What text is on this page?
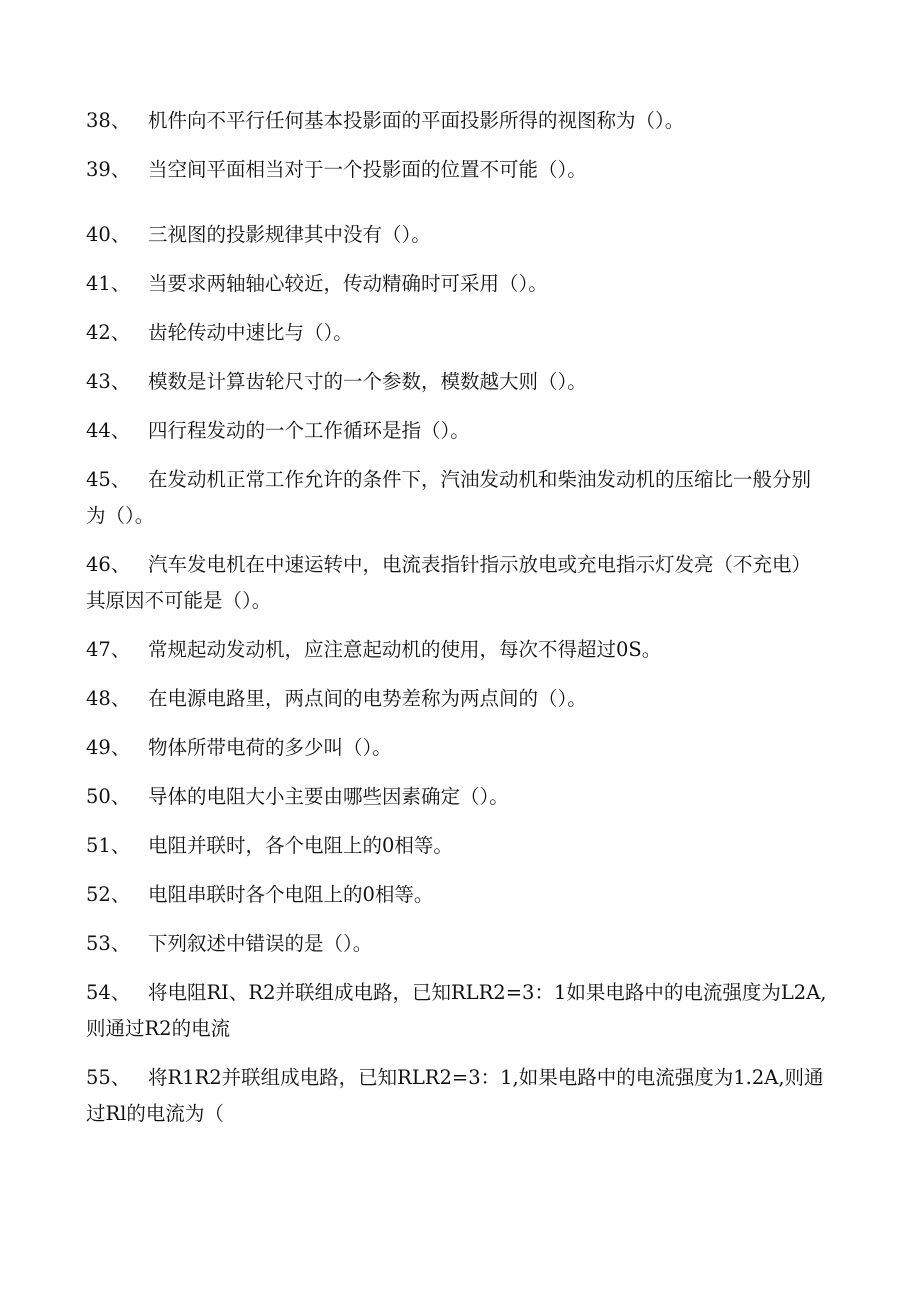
38、 机件向不平行任何基本投影面的平面投影所得的视图称为（）。
39、 当空间平面相当对于一个投影面的位置不可能（）。
40、 三视图的投影规律其中没有（）。
41、 当要求两轴轴心较近，传动精确时可采用（）。
42、 齿轮传动中速比与（）。
43、 模数是计算齿轮尺寸的一个参数，模数越大则（）。
44、 四行程发动的一个工作循环是指（）。
45、 在发动机正常工作允许的条件下，汽油发动机和柴油发动机的压缩比一般分别为（）。
46、 汽车发电机在中速运转中，电流表指针指示放电或充电指示灯发亮（不充电）其原因不可能是（）。
47、 常规起动发动机，应注意起动机的使用，每次不得超过0S。
48、 在电源电路里，两点间的电势差称为两点间的（）。
49、 物体所带电荷的多少叫（）。
50、 导体的电阻大小主要由哪些因素确定（）。
51、 电阻并联时，各个电阻上的0相等。
52、 电阻串联时各个电阻上的0相等。
53、 下列叙述中错误的是（）。
54、 将电阻RI、R2并联组成电路，已知RLR2=3：1如果电路中的电流强度为L2A,则通过R2的电流
55、 将R1R2并联组成电路，已知RLR2=3：1,如果电路中的电流强度为1.2A,则通过Rl的电流为（
